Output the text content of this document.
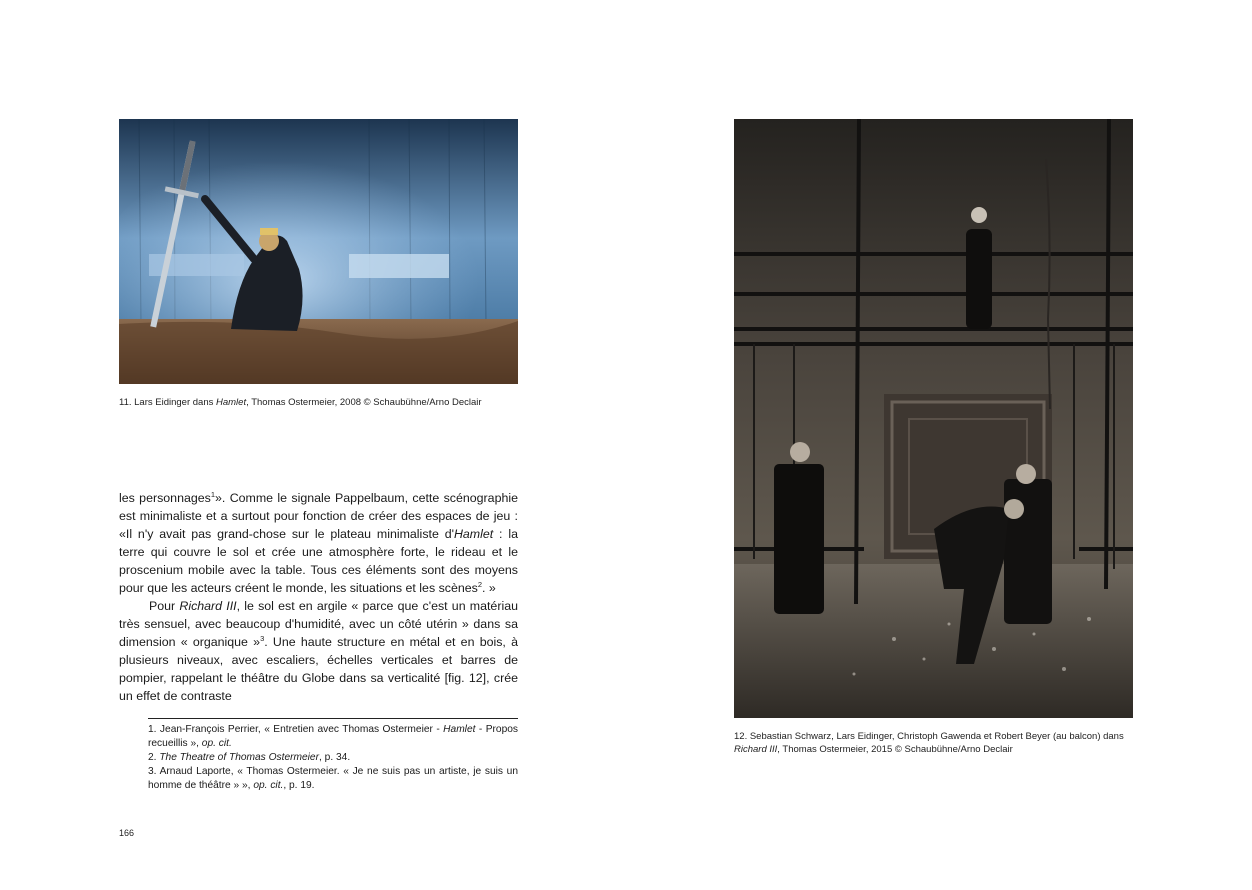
11. Lars Eidinger dans Hamlet, Thomas Ostermeier, 2008 © Schaubühne/Arno Declair
12. Sebastian Schwarz, Lars Eidinger, Christoph Gawenda et Robert Beyer (au balcon) dans Richard III, Thomas Ostermeier, 2015 © Schaubühne/Arno Declair

les personnages$^1$». Comme le signale Pappelbaum, cette scénographie est minimaliste et a surtout pour fonction de créer des espaces de jeu : «Il n'y avait pas grand-chose sur le plateau minimaliste d'Hamlet : la terre qui couvre le sol et crée une atmosphère forte, le rideau et le proscenium mobile avec la table. Tous ces éléments sont des moyens pour que les acteurs créent le monde, les situations et les scènes$^2$. »

Pour Richard III, le sol est en argile « parce que c'est un matériau très sensuel, avec beaucoup d'humidité, avec un côté utérin » dans sa dimension « organique »$^3$. Une haute structure en métal et en bois, à plusieurs niveaux, avec escaliers, échelles verticales et barres de pompier, rappelant le théâtre du Globe dans sa verticalité [fig. 12], crée un effet de contraste

1. Jean-François Perrier, « Entretien avec Thomas Ostermeier - Hamlet - Propos recueillis », op. cit.

2. The Theatre of Thomas Ostermeier, p. 34.

3. Arnaud Laporte, « Thomas Ostermeier. « Je ne suis pas un artiste, je suis un homme de théâtre » », op. cit., p. 19.

166
